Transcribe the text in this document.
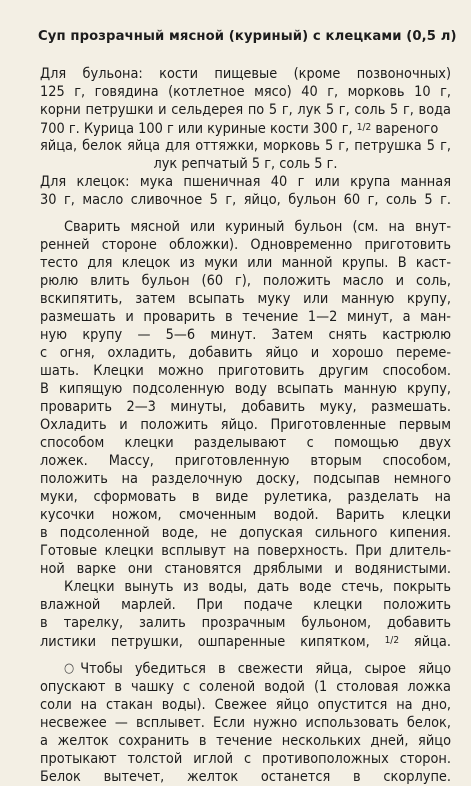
Суп прозрачный мясной (куриный) с клецками (0,5 л)
Для бульона: кости пищевые (кроме позвоночных)
125 г, говядина (котлетное мясо) 40 г, морковь 10 г,
корни петрушки и сельдерея по 5 г, лук 5 г, соль 5 г, вода
700 г. Курица 100 г или куриные кости 300 г, $^{1/2}$ вареного
яйца, белок яйца для оттяжки, морковь 5 г, петрушка 5 г,
лук репчатый 5 г, соль 5 г.
Для клецок: мука пшеничная 40 г или крупа манная
30 г, масло сливочное 5 г, яйцо, бульон 60 г, соль 5 г.
Сварить мясной или куриный бульон (см. на внут-
ренней стороне обложки). Одновременно приготовить
тесто для клецок из муки или манной крупы. В каст-
рюлю влить бульон (60 г), положить масло и соль,
вскипятить, затем всыпать муку или манную крупу,
размешать и проварить в течение 1—2 минут, а ман-
ную крупу — 5—6 минут. Затем снять кастрюлю
с огня, охладить, добавить яйцо и хорошо переме-
шать. Клецки можно приготовить другим способом.
В кипящую подсоленную воду всыпать манную крупу,
проварить 2—3 минуты, добавить муку, размешать.
Охладить и положить яйцо. Приготовленные первым
способом клецки разделывают с помощью двух
ложек. Массу, приготовленную вторым способом,
положить на разделочную доску, подсыпав немного
муки, сформовать в виде рулетика, разделать на
кусочки ножом, смоченным водой. Варить клецки
в подсоленной воде, не допуская сильного кипения.
Готовые клецки всплывут на поверхность. При длитель-
ной варке они становятся дряблыми и водянистыми.
Клецки вынуть из воды, дать воде стечь, покрыть
влажной марлей. При подаче клецки положить
в тарелку, залить прозрачным бульоном, добавить
листики петрушки, ошпаренные кипятком, $^{1/2}$ яйца.
○ Чтобы убедиться в свежести яйца, сырое яйцо
опускают в чашку с соленой водой (1 столовая ложка
соли на стакан воды). Свежее яйцо опустится на дно,
несвежее — всплывет. Если нужно использовать белок,
а желток сохранить в течение нескольких дней, яйцо
протыкают толстой иглой с противоположных сторон.
Белок вытечет, желток останется в скорлупе.
